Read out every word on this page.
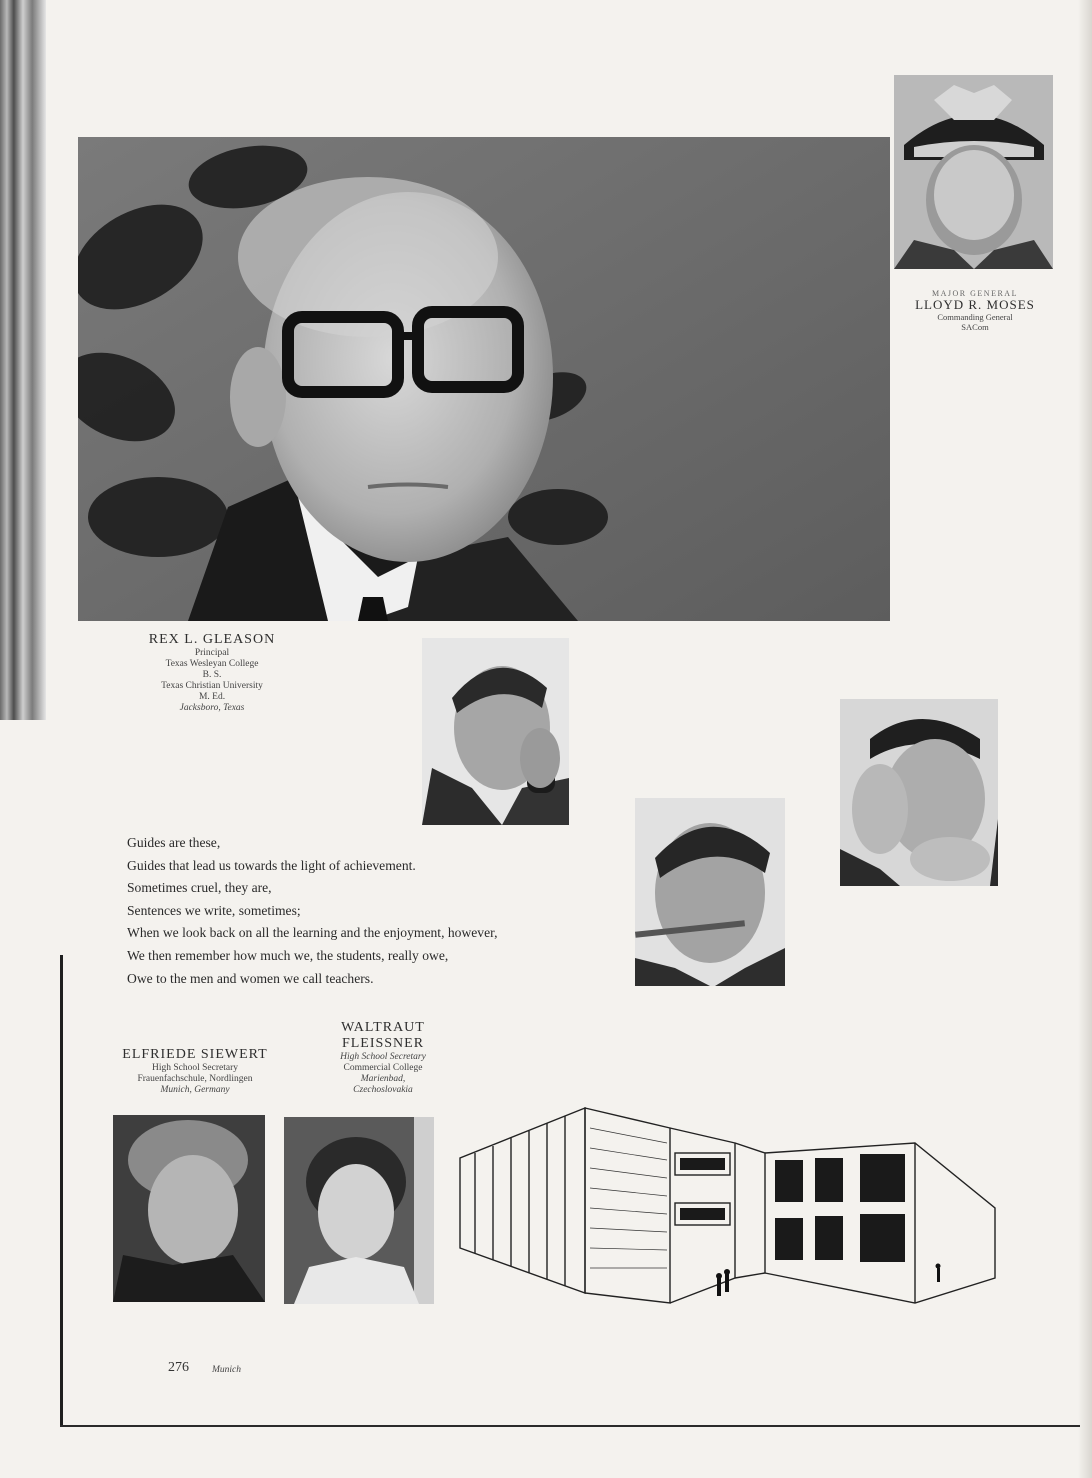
MAJOR GENERAL
LLOYD R. MOSES
Commanding General
SACom
REX L. GLEASON
Principal
Texas Wesleyan College
B. S.
Texas Christian University
M. Ed.
Jacksboro, Texas
Guides are these,
Guides that lead us towards the light of achievement.
Sometimes cruel, they are,
Sentences we write, sometimes;
When we look back on all the learning and the enjoyment, however,
We then remember how much we, the students, really owe,
Owe to the men and women we call teachers.
ELFRIEDE SIEWERT
High School Secretary
Frauenfachschule, Nordlingen
Munich, Germany
WALTRAUT
FLEISSNER
High School Secretary
Commercial College
Marienbad,
Czechoslovakia
276 Munich
